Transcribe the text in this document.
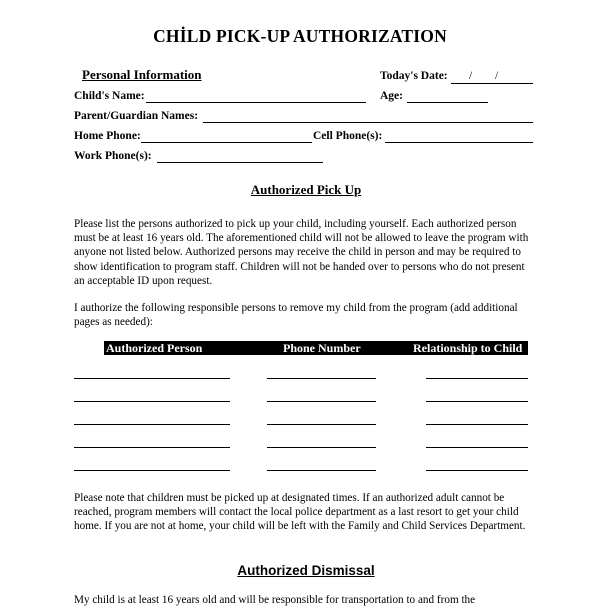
CHİLD PICK-UP AUTHORIZATION
Personal Information	Today's Date: / /
Child's Name:	Age:
Parent/Guardian Names:
Home Phone:	Cell Phone(s):
Work Phone(s):
Authorized Pick Up
Please list the persons authorized to pick up your child, including yourself. Each authorized person must be at least 16 years old. The aforementioned child will not be allowed to leave the program with anyone not listed below. Authorized persons may receive the child in person and may be required to show identification to program staff. Children will not be handed over to persons who do not present an acceptable ID upon request.
I authorize the following responsible persons to remove my child from the program (add additional pages as needed):
Authorized Person	Phone Number	Relationship to Child
Please note that children must be picked up at designated times. If an authorized adult cannot be reached, program members will contact the local police department as a last resort to get your child home. If you are not at home, your child will be left with the Family and Child Services Department.
Authorized Dismissal
My child is at least 16 years old and will be responsible for transportation to and from the
